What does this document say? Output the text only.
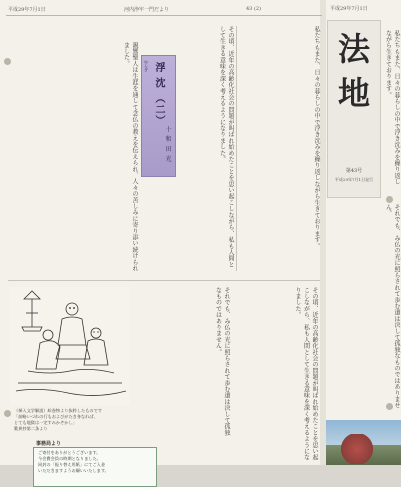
平成29年7月1日	河内浄牢一門だより	43 (2)	平成29年7月1日
親鸞聖人は生涯を通して念仏の教えを伝えられ、人々の苦しみに寄り添い続けられました。	ゆらぎ 浮 沈 （二）
十 和 田 光	その頃、近年の高齢化社会の問題が叫ばれ始めたことを思い起こしながら、私も人間として生きる意味を深く考えるようになりました。	私たちもまた、日々の暮らしの中で浮き沈みを繰り返しながら生きております。
それでも、み仏の光に照らされて歩む道は決して孤独なものではありません。	その頃、近年の高齢化社会の問題が叫ばれ始めたことを思い起こしながら、私も人間として生きる意味を深く考えるようになりました。
（挿入文学解説）絵巻物より抜粋したものです
「前略いづれの行もおよびがたき身なれば、
とても地獄は一定すみかぞかし」
歎異抄第二条より
事務局より
ご寄付をありがとうございます。
今会費会員の時期となりました。
同封の「振り替え用紙」にてご入金
いただきますようお願いいたします。
法
地
第43号
平成29年7月1日発行	私たちもまた、日々の暮らしの中で浮き沈みを繰り返しながら生きております。
それでも、み仏の光に照らされて歩む道は決して孤独なものではありません。
